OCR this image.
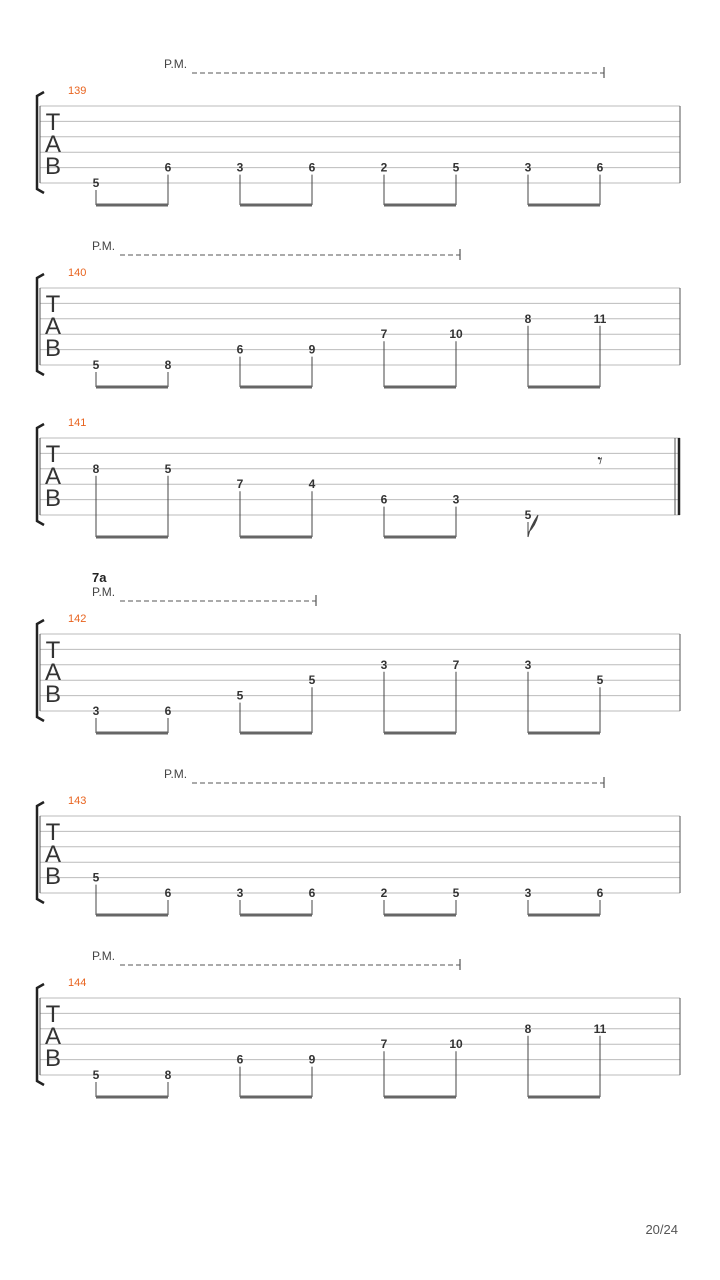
T
A
B
139
P.M.
5
6	3	6	2	5	3	6
T
A
B
140
P.M.
5	8
6	9
7	10
8	11
T
A
B
141
8	5
7	4
6	3
5
𝄾
T
A
B
142
7a
P.M.
3	6
5
5
3	7	3
5
T
A
B
143
P.M.
5
6	3	6	2	5	3	6
T
A
B
144
P.M.
5	8
6	9
7	10
8	11
20/24
